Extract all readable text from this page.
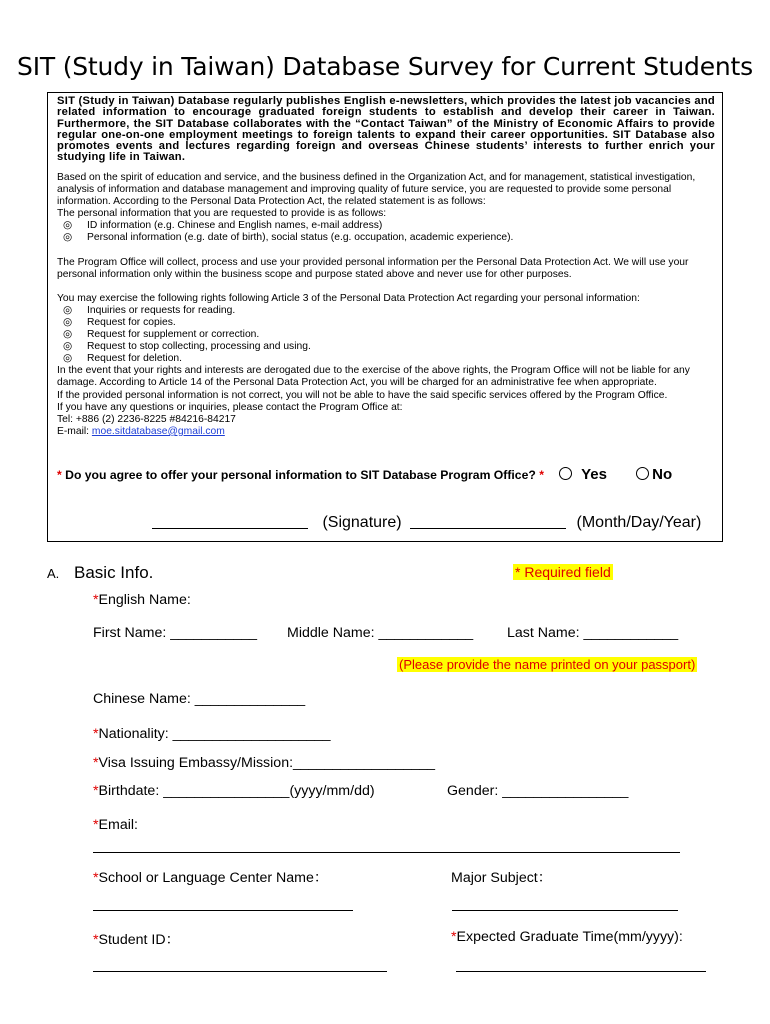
SIT (Study in Taiwan) Database Survey for Current Students
SIT (Study in Taiwan) Database regularly publishes English e-newsletters, which provides the latest job vacancies and related information to encourage graduated foreign students to establish and develop their career in Taiwan. Furthermore, the SIT Database collaborates with the “Contact Taiwan” of the Ministry of Economic Affairs to provide regular one-on-one employment meetings to foreign talents to expand their career opportunities. SIT Database also promotes events and lectures regarding foreign and overseas Chinese students’ interests to further enrich your studying life in Taiwan.

Based on the spirit of education and service, and the business defined in the Organization Act, and for management, statistical investigation, analysis of information and database management and improving quality of future service, you are requested to provide some personal information. According to the Personal Data Protection Act, the related statement is as follows:

The personal information that you are requested to provide is as follows:

◎ ID information (e.g. Chinese and English names, e-mail address)

◎ Personal information (e.g. date of birth), social status (e.g. occupation, academic experience).

The Program Office will collect, process and use your provided personal information per the Personal Data Protection Act. We will use your personal information only within the business scope and purpose stated above and never use for other purposes.

You may exercise the following rights following Article 3 of the Personal Data Protection Act regarding your personal information:

◎ Inquiries or requests for reading.

◎ Request for copies.

◎ Request for supplement or correction.

◎ Request to stop collecting, processing and using.

◎ Request for deletion.

In the event that your rights and interests are derogated due to the exercise of the above rights, the Program Office will not be liable for any damage. According to Article 14 of the Personal Data Protection Act, you will be charged for an administrative fee when appropriate.

If the provided personal information is not correct, you will not be able to have the said specific services offered by the Program Office.

If you have any questions or inquiries, please contact the Program Office at:

Tel: +886 (2) 2236-8225 #84216-84217

E-mail: moe.sitdatabase@gmail.com

* Do you agree to offer your personal information to SIT Database Program Office? * Yes	No
(Signature)	(Month/Day/Year)
A. Basic Info.	* Required field
*English Name:
First Name: ___________ Middle Name: ____________ Last Name: ____________
(Please provide the name printed on your passport)
Chinese Name: ______________
*Nationality: ____________________
*Visa Issuing Embassy/Mission:__________________
*Birthdate: ________________(yyyy/mm/dd)	Gender: ________________
*Email:
*School or Language Center Name：	Major Subject：
*Student ID：	*Expected Graduate Time(mm/yyyy):
